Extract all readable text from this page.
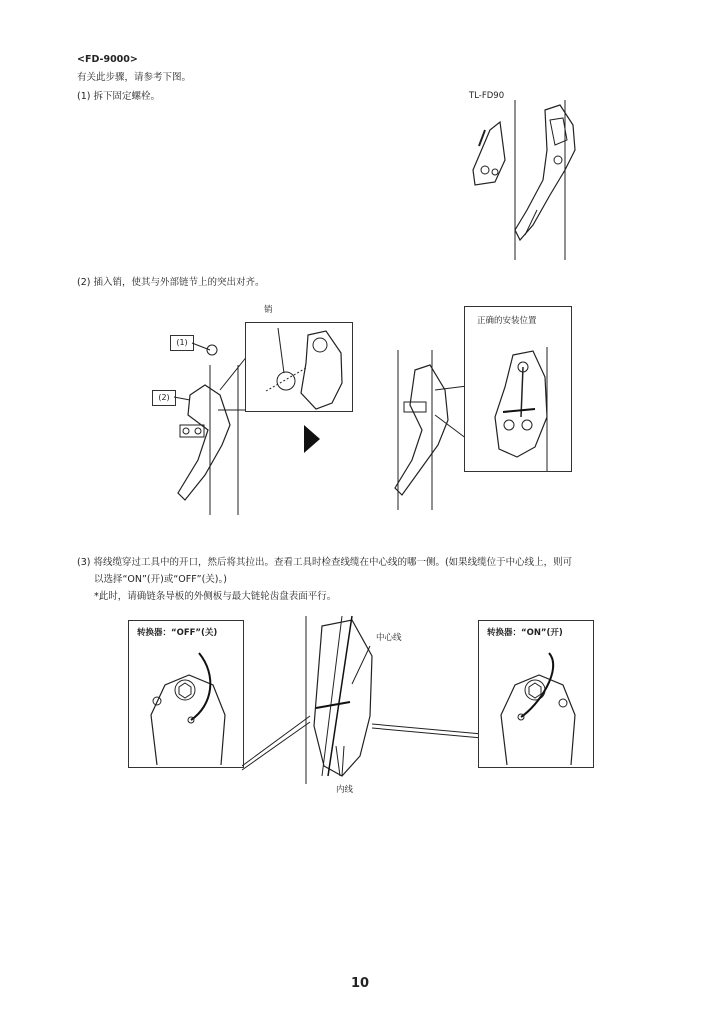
<FD-9000>
有关此步骤，请参考下图。
(1) 拆下固定螺栓。	TL-FD90
(2) 插入销，使其与外部链节上的突出对齐。
销
(1)
(2)
正确的安装位置
(3) 将线缆穿过工具中的开口，然后将其拉出。查看工具时检查线缆在中心线的哪一侧。(如果线缆位于中心线上，则可
以选择“ON”(开)或“OFF”(关)。)
*此时，请确链条导板的外侧板与最大链轮齿盘表面平行。
转换器：“OFF”(关)	中心线
内线
转换器：“ON”(开)
10
